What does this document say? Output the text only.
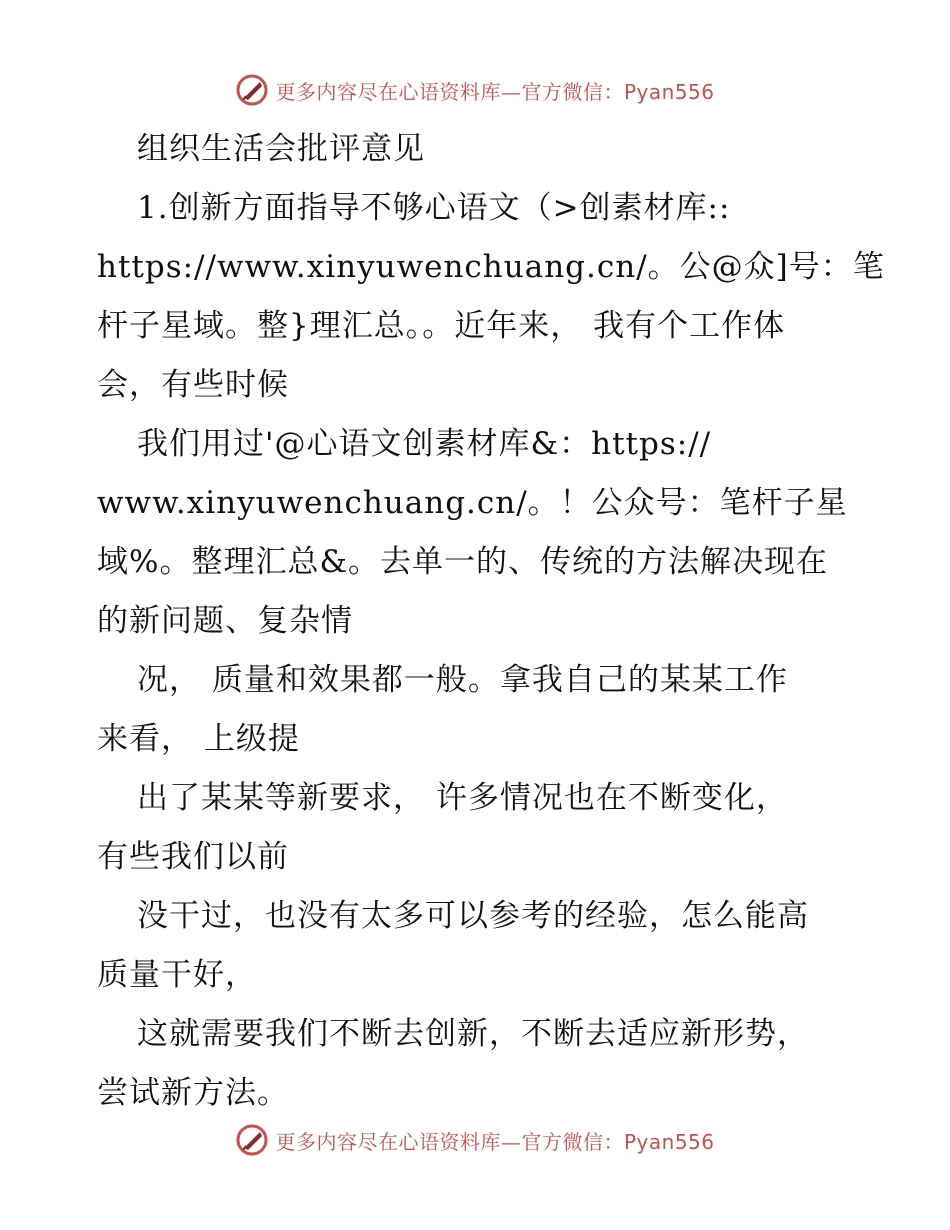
更多内容尽在心语资料库—官方微信：Pyan556
组织生活会批评意见
1.创新方面指导不够心语文（>创素材库::
https://www.xinyuwenchuang.cn/。公@众]号：笔
杆子星域。整}理汇总。。近年来， 我有个工作体
会，有些时候
我们用过'@心语文创素材库&：https://
www.xinyuwenchuang.cn/。！公众号：笔杆子星
域%。整理汇总&。去单一的、传统的方法解决现在
的新问题、复杂情
况， 质量和效果都一般。拿我自己的某某工作
来看， 上级提
出了某某等新要求， 许多情况也在不断变化，
有些我们以前
没干过，也没有太多可以参考的经验，怎么能高
质量干好，
这就需要我们不断去创新，不断去适应新形势，
尝试新方法。
更多内容尽在心语资料库—官方微信：Pyan556
